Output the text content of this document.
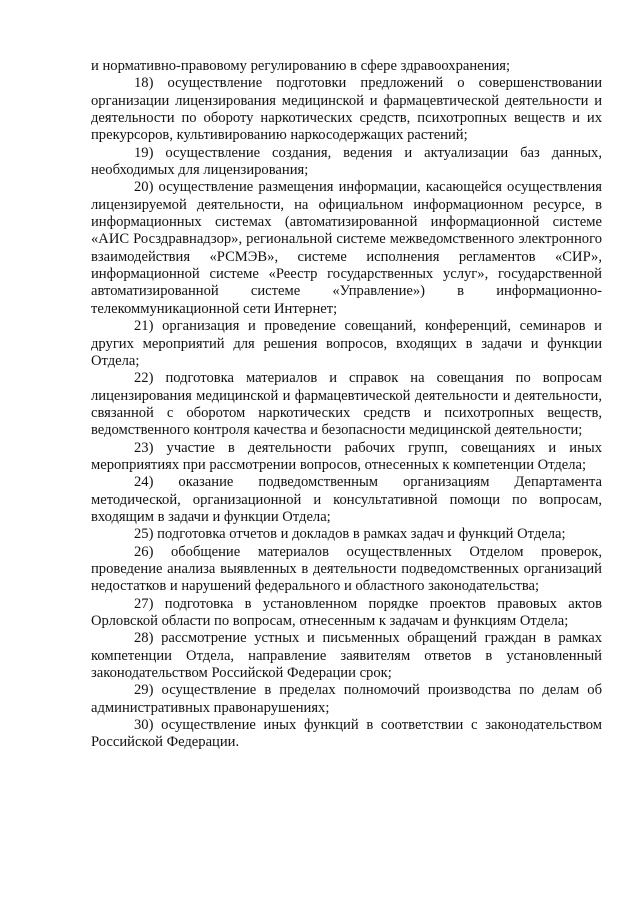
и нормативно-правовому регулированию в сфере здравоохранения;

18) осуществление подготовки предложений о совершенствовании организации лицензирования медицинской и фармацевтической деятельности и деятельности по обороту наркотических средств, психотропных веществ и их прекурсоров, культивированию наркосодержащих растений;

19) осуществление создания, ведения и актуализации баз данных, необходимых для лицензирования;

20) осуществление размещения информации, касающейся осуществления лицензируемой деятельности, на официальном информационном ресурсе, в информационных системах (автоматизированной информационной системе «АИС Росздравнадзор», региональной системе межведомственного электронного взаимодействия «РСМЭВ», системе исполнения регламентов «СИР», информационной системе «Реестр государственных услуг», государственной автоматизированной системе «Управление») в информационно-телекоммуникационной сети Интернет;

21) организация и проведение совещаний, конференций, семинаров и других мероприятий для решения вопросов, входящих в задачи и функции Отдела;

22) подготовка материалов и справок на совещания по вопросам лицензирования медицинской и фармацевтической деятельности и деятельности, связанной с оборотом наркотических средств и психотропных веществ, ведомственного контроля качества и безопасности медицинской деятельности;

23) участие в деятельности рабочих групп, совещаниях и иных мероприятиях при рассмотрении вопросов, отнесенных к компетенции Отдела;

24) оказание подведомственным организациям Департамента методической, организационной и консультативной помощи по вопросам, входящим в задачи и функции Отдела;

25) подготовка отчетов и докладов в рамках задач и функций Отдела;

26) обобщение материалов осуществленных Отделом проверок, проведение анализа выявленных в деятельности подведомственных организаций недостатков и нарушений федерального и областного законодательства;

27) подготовка в установленном порядке проектов правовых актов Орловской области по вопросам, отнесенным к задачам и функциям Отдела;

28) рассмотрение устных и письменных обращений граждан в рамках компетенции Отдела, направление заявителям ответов в установленный законодательством Российской Федерации срок;

29) осуществление в пределах полномочий производства по делам об административных правонарушениях;

30) осуществление иных функций в соответствии с законодательством Российской Федерации.
